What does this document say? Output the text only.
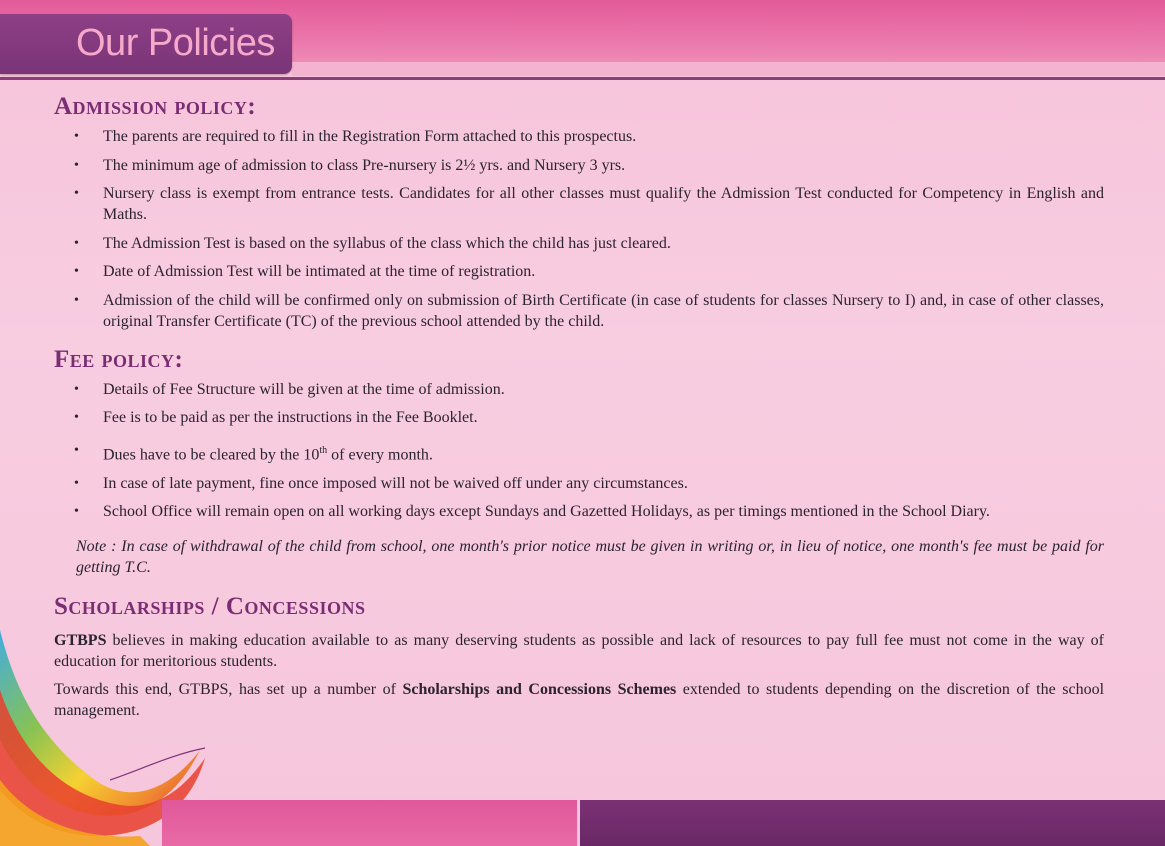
Our Policies
Admission policy:
• The parents are required to fill in the Registration Form attached to this prospectus.
• The minimum age of admission to class Pre-nursery is 2½ yrs. and Nursery 3 yrs.
• Nursery class is exempt from entrance tests. Candidates for all other classes must qualify the Admission Test conducted for Competency in English and Maths.
• The Admission Test is based on the syllabus of the class which the child has just cleared.
• Date of Admission Test will be intimated at the time of registration.
• Admission of the child will be confirmed only on submission of Birth Certificate (in case of students for classes Nursery to I) and, in case of other classes, original Transfer Certificate (TC) of the previous school attended by the child.
Fee policy:
• Details of Fee Structure will be given at the time of admission.
• Fee is to be paid as per the instructions in the Fee Booklet.
• Dues have to be cleared by the 10th of every month.
• In case of late payment, fine once imposed will not be waived off under any circumstances.
• School Office will remain open on all working days except Sundays and Gazetted Holidays, as per timings mentioned in the School Diary.

Note : In case of withdrawal of the child from school, one month's prior notice must be given in writing or, in lieu of notice, one month's fee must be paid for getting T.C.

Scholarships / Concessions

GTBPS believes in making education available to as many deserving students as possible and lack of resources to pay full fee must not come in the way of education for meritorious students.

Towards this end, GTBPS, has set up a number of Scholarships and Concessions Schemes extended to students depending on the discretion of the school management.
